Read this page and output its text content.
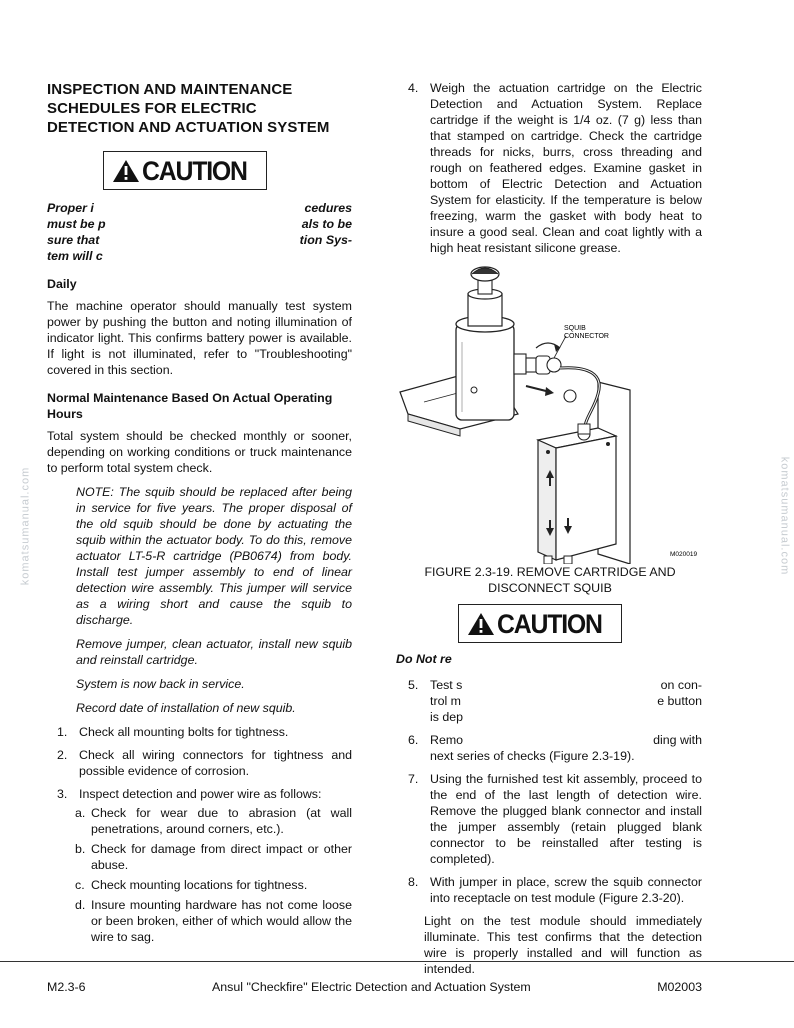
komatsumanual.com	komatsumanual.com
INSPECTION AND MAINTENANCE
SCHEDULES FOR ELECTRIC
DETECTION AND ACTUATION SYSTEM
CAUTION
Proper i	cedures
must be p	als to be
sure that	tion Sys-
tem will c
Daily

The machine operator should manually test system power by pushing the button and noting illumination of indicator light. This confirms battery power is available. If light is not illuminated, refer to "Troubleshooting" covered in this section.

Normal Maintenance Based On Actual Operating Hours

Total system should be checked monthly or sooner, depending on working conditions or truck maintenance to perform total system check.

NOTE: The squib should be replaced after being in service for five years. The proper disposal of the old squib should be done by actuating the squib within the actuator body. To do this, remove actuator LT-5-R cartridge (PB0674) from body. Install test jumper assembly to end of linear detection wire assembly. This jumper will service as a wiring short and cause the squib to discharge.

Remove jumper, clean actuator, install new squib and reinstall cartridge.

System is now back in service.

Record date of installation of new squib.

1. Check all mounting bolts for tightness.
2. Check all wiring connectors for tightness and possible evidence of corrosion.
3. Inspect detection and power wire as follows:
a. Check for wear due to abrasion (at wall penetrations, around corners, etc.).
b. Check for damage from direct impact or other abuse.
c. Check mounting locations for tightness.
d. Insure mounting hardware has not come loose or been broken, either of which would allow the wire to sag.
4. Weigh the actuation cartridge on the Electric Detection and Actuation System. Replace cartridge if the weight is 1/4 oz. (7 g) less than that stamped on cartridge. Check the cartridge threads for nicks, burrs, cross threading and rough on feathered edges. Examine gasket in bottom of Electric Detection and Actuation System for elasticity. If the temperature is below freezing, warm the gasket with body heat to insure a good seal. Clean and coat lightly with a high heat resistant silicone grease.
SQUIB
CONNECTOR
M020019
FIGURE 2.3-19. REMOVE CARTRIDGE AND
DISCONNECT SQUIB
CAUTION
Do Not re
5. Test s	on con-
trol m	e button
is dep
6. Remo	ding with
next series of checks (Figure 2.3-19).
7. Using the furnished test kit assembly, proceed to the end of the last length of detection wire. Remove the plugged blank connector and install the jumper assembly (retain plugged blank connector to be reinstalled after testing is completed).
8. With jumper in place, screw the squib connector into receptacle on test module (Figure 2.3-20).

Light on the test module should immediately illuminate. This test confirms that the detection wire is properly installed and will function as intended.

M2.3-6	Ansul "Checkfire" Electric Detection and Actuation System	M02003
